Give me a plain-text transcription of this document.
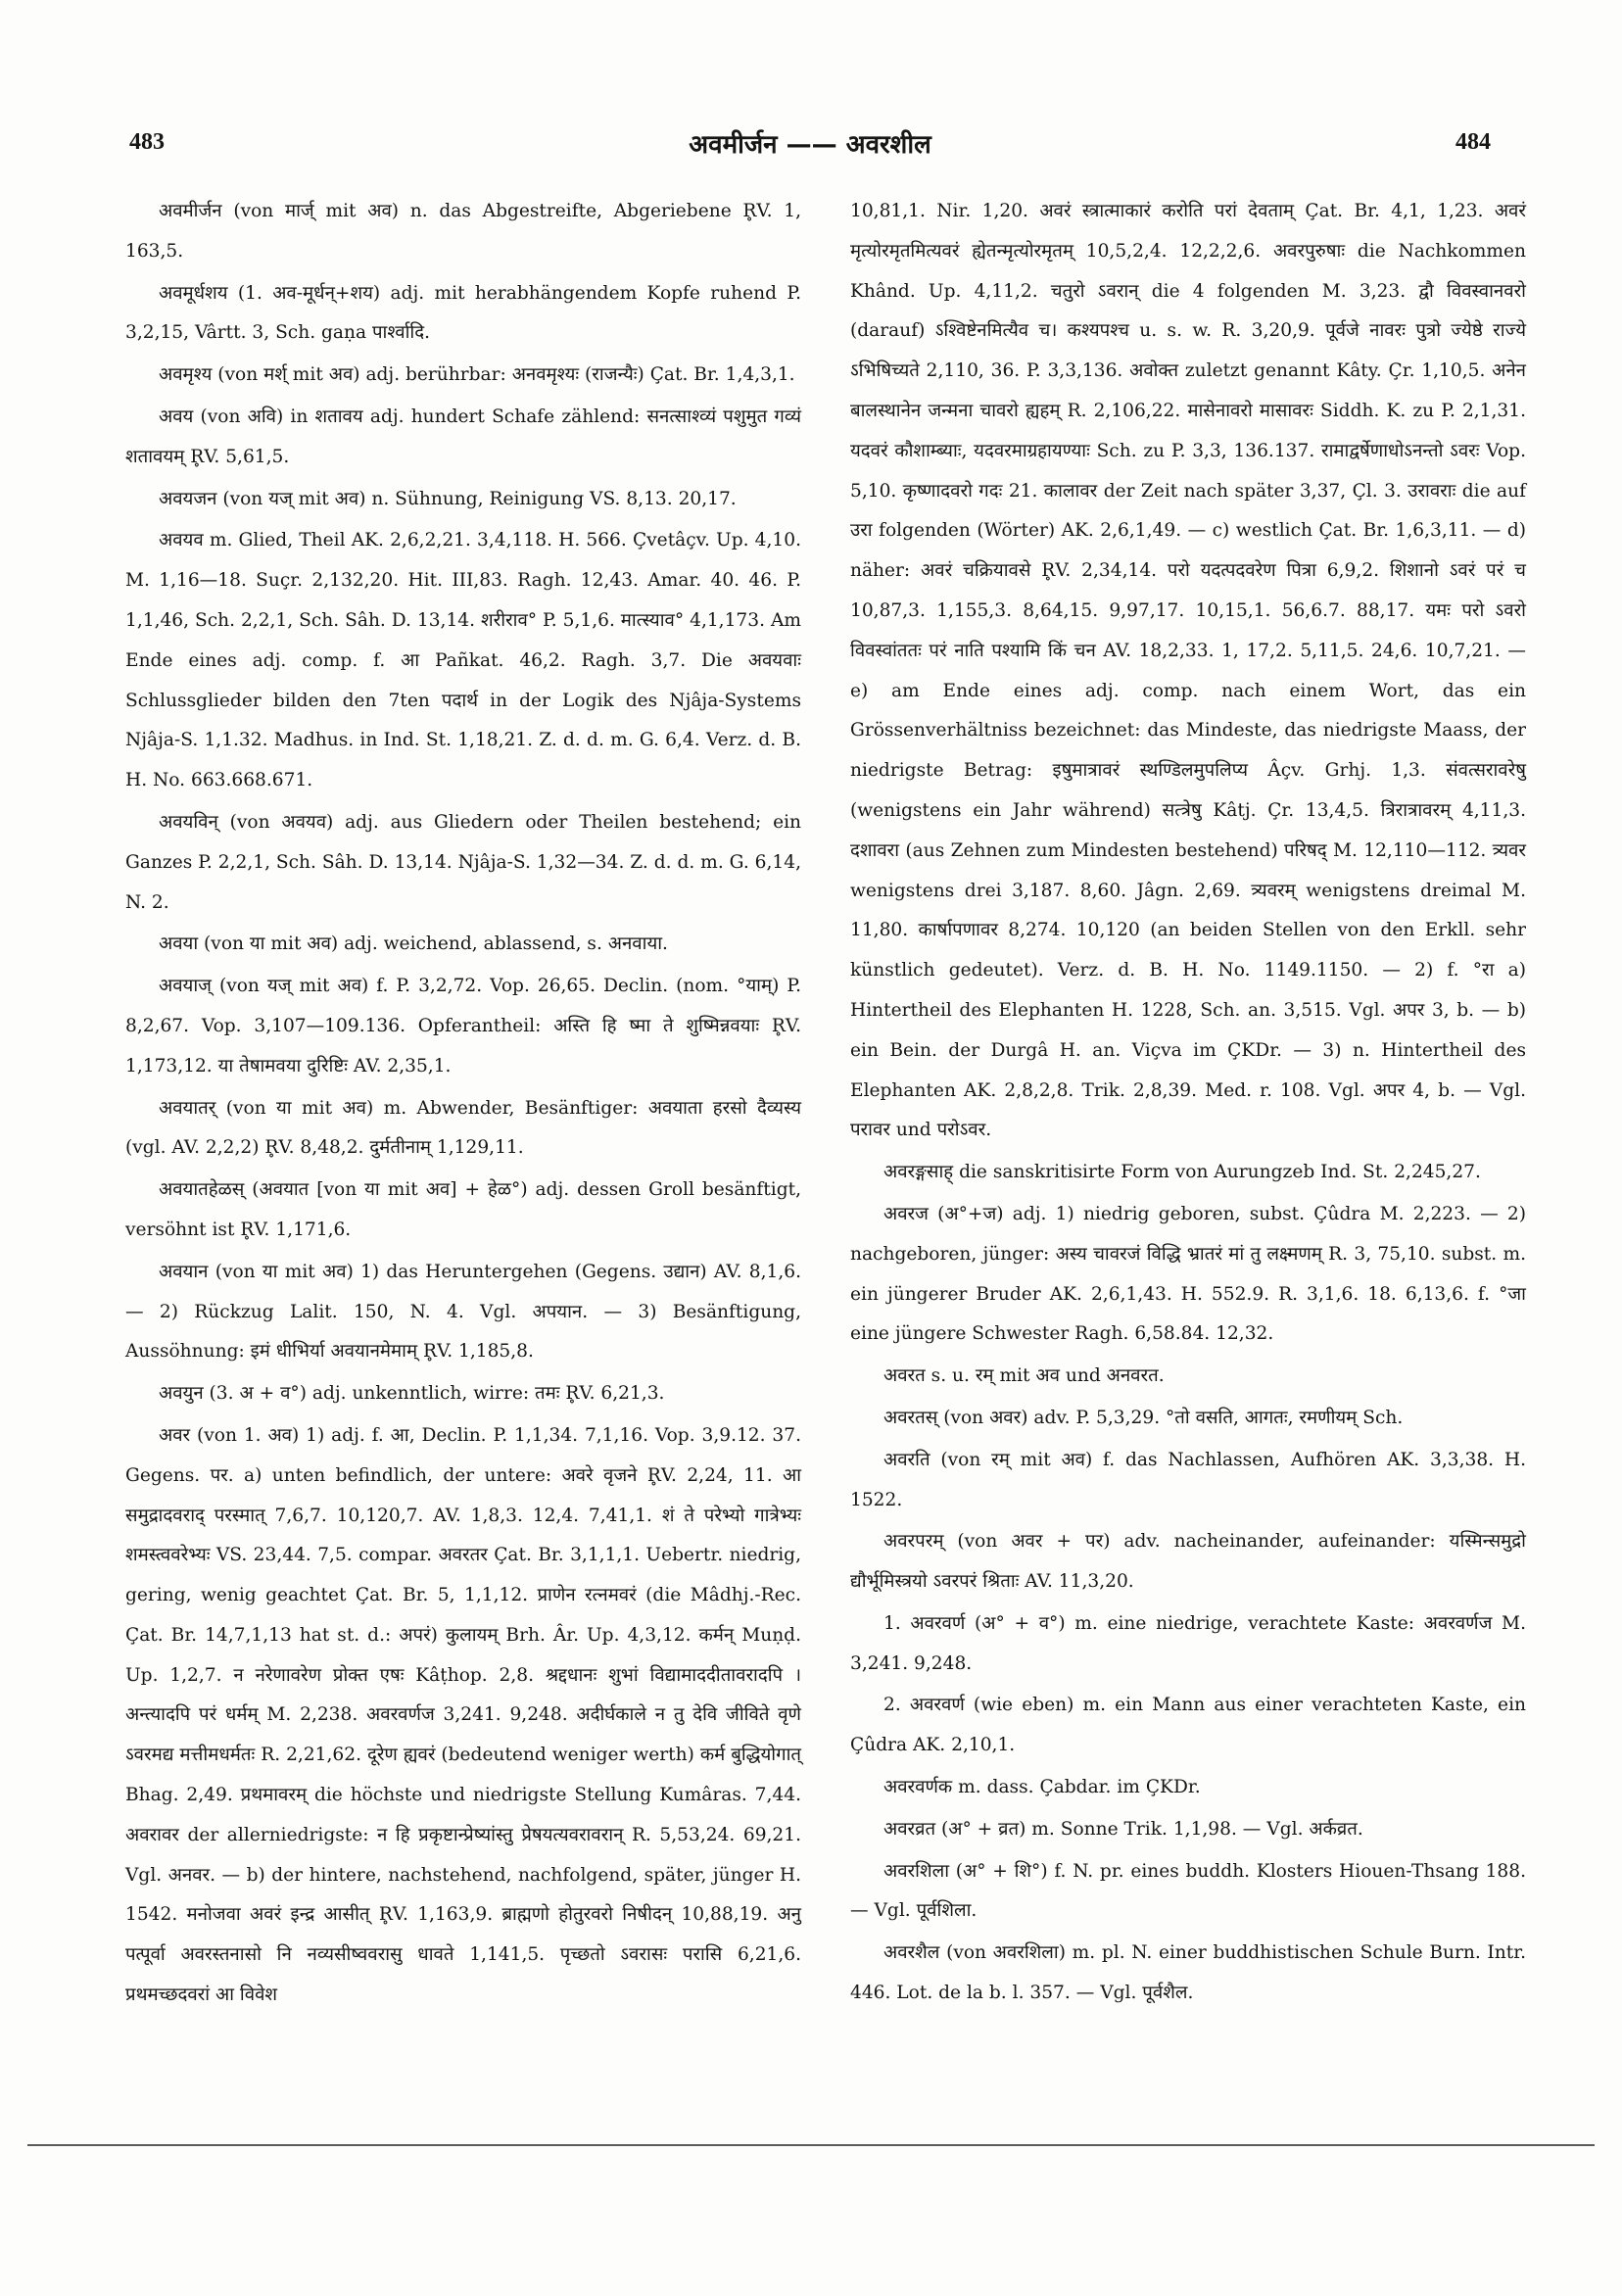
483	अवमीर्जन —— अवरशील	484

अवमीर्जन (von मार्ज् mit अव) n. das Abgestreifte, Abgeriebene R̥V. 1, 163,5.

अवमूर्धशय (1. अव-मूर्धन्+शय) adj. mit herabhängendem Kopfe ruhend P. 3,2,15, Vârtt. 3, Sch. gaṇa पार्श्वादि.

अवमृश्य (von मर्श् mit अव) adj. berührbar: अनवमृश्यः (राजन्यैः) Çat. Br. 1,4,3,1.

अवय (von अवि) in शतावय adj. hundert Schafe zählend: सनत्साश्व्यं पशुमुत गव्यं शतावयम् R̥V. 5,61,5.

अवयजन (von यज् mit अव) n. Sühnung, Reinigung VS. 8,13. 20,17.

अवयव m. Glied, Theil AK. 2,6,2,21. 3,4,118. H. 566. Çvetâçv. Up. 4,10. M. 1,16—18. Suçr. 2,132,20. Hit. III,83. Ragh. 12,43. Amar. 40. 46. P. 1,1,46, Sch. 2,2,1, Sch. Sâh. D. 13,14. शरीराव° P. 5,1,6. मात्स्याव° 4,1,173. Am Ende eines adj. comp. f. आ Pañkat. 46,2. Ragh. 3,7. Die अवयवाः Schlussglieder bilden den 7ten पदार्थ in der Logik des Njâja-Systems Njâja-S. 1,1.32. Madhus. in Ind. St. 1,18,21. Z. d. d. m. G. 6,4. Verz. d. B. H. No. 663.668.671.

अवयविन् (von अवयव) adj. aus Gliedern oder Theilen bestehend; ein Ganzes P. 2,2,1, Sch. Sâh. D. 13,14. Njâja-S. 1,32—34. Z. d. d. m. G. 6,14, N. 2.

अवया (von या mit अव) adj. weichend, ablassend, s. अनवाया.

अवयाज् (von यज् mit अव) f. P. 3,2,72. Vop. 26,65. Declin. (nom. °याम्) P. 8,2,67. Vop. 3,107—109.136. Opferantheil: अस्ति हि ष्मा ते शुष्मिन्नवयाः R̥V. 1,173,12. या तेषामवया दुरिष्टिः AV. 2,35,1.

अवयातर् (von या mit अव) m. Abwender, Besänftiger: अवयाता हरसो दैव्यस्य (vgl. AV. 2,2,2) R̥V. 8,48,2. दुर्मतीनाम् 1,129,11.

अवयातहेळस् (अवयात [von या mit अव] + हेळ°) adj. dessen Groll besänftigt, versöhnt ist R̥V. 1,171,6.

अवयान (von या mit अव) 1) das Heruntergehen (Gegens. उद्यान) AV. 8,1,6. — 2) Rückzug Lalit. 150, N. 4. Vgl. अपयान. — 3) Besänftigung, Aussöhnung: इमं धीभिर्या अवयानमेमाम् R̥V. 1,185,8.

अवयुन (3. अ + व°) adj. unkenntlich, wirre: तमः R̥V. 6,21,3.

अवर (von 1. अव) 1) adj. f. आ, Declin. P. 1,1,34. 7,1,16. Vop. 3,9.12. 37. Gegens. पर. a) unten befindlich, der untere: अवरे वृजने R̥V. 2,24, 11. आ समुद्रादवराद् परस्मात् 7,6,7. 10,120,7. AV. 1,8,3. 12,4. 7,41,1. शं ते परेभ्यो गात्रेभ्यः शमस्त्ववरेभ्यः VS. 23,44. 7,5. compar. अवरतर Çat. Br. 3,1,1,1. Uebertr. niedrig, gering, wenig geachtet Çat. Br. 5, 1,1,12. प्राणेन रत्नमवरं (die Mâdhj.-Rec. Çat. Br. 14,7,1,13 hat st. d.: अपरं) कुलायम् Brh. Âr. Up. 4,3,12. कर्मन् Muṇḍ. Up. 1,2,7. न नरेणावरेण प्रोक्त एषः Kâṭhop. 2,8. श्रद्दधानः शुभां विद्यामाददीतावरादपि । अन्त्यादपि परं धर्मम् M. 2,238. अवरवर्णज 3,241. 9,248. अदीर्घकाले न तु देवि जीविते वृणे ऽवरमद्य मत्तीमधर्मतः R. 2,21,62. दूरेण ह्यवरं (bedeutend weniger werth) कर्म बुद्धियोगात् Bhag. 2,49. प्रथमावरम् die höchste und niedrigste Stellung Kumâras. 7,44. अवरावर der allerniedrigste: न हि प्रकृष्टान्प्रेष्यांस्तु प्रेषयत्यवरावरान् R. 5,53,24. 69,21. Vgl. अनवर. — b) der hintere, nachstehend, nachfolgend, später, jünger H. 1542. मनोजवा अवरं इन्द्र आसीत् R̥V. 1,163,9. ब्राह्मणो होतुरवरो निषीदन् 10,88,19. अनु पत्पूर्वा अवरस्तनासो नि नव्यसीष्ववरासु धावते 1,141,5. पृच्छतो ऽवरासः परासि 6,21,6. प्रथमच्छदवरां आ विवेश

10,81,1. Nir. 1,20. अवरं स्त्रात्माकारं करोति परां देवताम् Çat. Br. 4,1, 1,23. अवरं मृत्योरमृतमित्यवरं ह्येतन्मृत्योरमृतम् 10,5,2,4. 12,2,2,6. अवरपुरुषाः die Nachkommen Khând. Up. 4,11,2. चतुरो ऽवरान् die 4 folgenden M. 3,23. द्वौ विवस्वानवरो (darauf) ऽश्विष्टेनमित्यैव च। कश्यपश्च u. s. w. R. 3,20,9. पूर्वजे नावरः पुत्रो ज्येष्ठे राज्ये ऽभिषिच्यते 2,110, 36. P. 3,3,136. अवोक्त zuletzt genannt Kâty. Çr. 1,10,5. अनेन बालस्थानेन जन्मना चावरो ह्यहम् R. 2,106,22. मासेनावरो मासावरः Siddh. K. zu P. 2,1,31. यदवरं कौशाम्ब्याः, यदवरमाग्रहायण्याः Sch. zu P. 3,3, 136.137. रामाद्वर्षेणाधोऽनन्तो ऽवरः Vop. 5,10. कृष्णादवरो गदः 21. कालावर der Zeit nach später 3,37, Çl. 3. उरावराः die auf उरा folgenden (Wörter) AK. 2,6,1,49. — c) westlich Çat. Br. 1,6,3,11. — d) näher: अवरं चक्रियावसे R̥V. 2,34,14. परो यदत्पदवरेण पित्रा 6,9,2. शिशानो ऽवरं परं च 10,87,3. 1,155,3. 8,64,15. 9,97,17. 10,15,1. 56,6.7. 88,17. यमः परो ऽवरो विवस्वांततः परं नाति पश्यामि किं चन AV. 18,2,33. 1, 17,2. 5,11,5. 24,6. 10,7,21. — e) am Ende eines adj. comp. nach einem Wort, das ein Grössenverhältniss bezeichnet: das Mindeste, das niedrigste Maass, der niedrigste Betrag: इषुमात्रावरं स्थण्डिलमुपलिप्य Âçv. Grhj. 1,3. संवत्सरावरेषु (wenigstens ein Jahr während) सत्त्रेषु Kâtj. Çr. 13,4,5. त्रिरात्रावरम् 4,11,3. दशावरा (aus Zehnen zum Mindesten bestehend) परिषद् M. 12,110—112. त्र्यवर wenigstens drei 3,187. 8,60. Jâgn. 2,69. त्र्यवरम् wenigstens dreimal M. 11,80. कार्षापणावर 8,274. 10,120 (an beiden Stellen von den Erkll. sehr künstlich gedeutet). Verz. d. B. H. No. 1149.1150. — 2) f. °रा a) Hintertheil des Elephanten H. 1228, Sch. an. 3,515. Vgl. अपर 3, b. — b) ein Bein. der Durgâ H. an. Viçva im ÇKDr. — 3) n. Hintertheil des Elephanten AK. 2,8,2,8. Trik. 2,8,39. Med. r. 108. Vgl. अपर 4, b. — Vgl. परावर und परोऽवर.

अवरङ्गसाह् die sanskritisirte Form von Aurungzeb Ind. St. 2,245,27.

अवरज (अ°+ज) adj. 1) niedrig geboren, subst. Çûdra M. 2,223. — 2) nachgeboren, jünger: अस्य चावरजं विद्धि भ्रातरं मां तु लक्ष्मणम् R. 3, 75,10. subst. m. ein jüngerer Bruder AK. 2,6,1,43. H. 552.9. R. 3,1,6. 18. 6,13,6. f. °जा eine jüngere Schwester Ragh. 6,58.84. 12,32.

अवरत s. u. रम् mit अव und अनवरत.

अवरतस् (von अवर) adv. P. 5,3,29. °तो वसति, आगतः, रमणीयम् Sch.

अवरति (von रम् mit अव) f. das Nachlassen, Aufhören AK. 3,3,38. H. 1522.

अवरपरम् (von अवर + पर) adv. nacheinander, aufeinander: यस्मिन्समुद्रो द्यौर्भूमिस्त्रयो ऽवरपरं श्रिताः AV. 11,3,20.

1. अवरवर्ण (अ° + व°) m. eine niedrige, verachtete Kaste: अवरवर्णज M. 3,241. 9,248.

2. अवरवर्ण (wie eben) m. ein Mann aus einer verachteten Kaste, ein Çûdra AK. 2,10,1.

अवरवर्णक m. dass. Çabdar. im ÇKDr.

अवरव्रत (अ° + व्रत) m. Sonne Trik. 1,1,98. — Vgl. अर्कव्रत.

अवरशिला (अ° + शि°) f. N. pr. eines buddh. Klosters Hiouen-Thsang 188. — Vgl. पूर्वशिला.

अवरशैल (von अवरशिला) m. pl. N. einer buddhistischen Schule Burn. Intr. 446. Lot. de la b. l. 357. — Vgl. पूर्वशैल.
